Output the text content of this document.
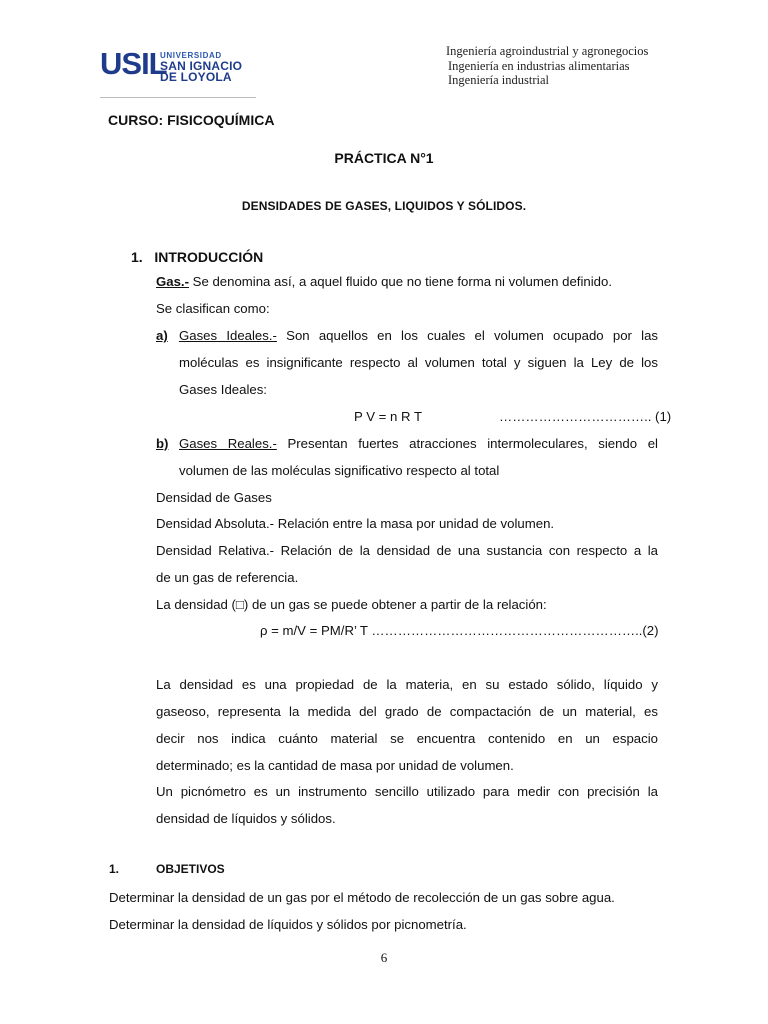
USIL
UNIVERSIDAD
SAN IGNACIO
DE LOYOLA
Ingeniería agroindustrial y agronegocios
Ingeniería en industrias alimentarias
Ingeniería industrial
CURSO: FISICOQUÍMICA
PRÁCTICA N°1
DENSIDADES DE GASES, LIQUIDOS Y SÓLIDOS.
1. INTRODUCCIÓN
Gas.- Se denomina así, a aquel fluido que no tiene forma ni volumen definido.
Se clasifican como:
a) Gases Ideales.- Son aquellos en los cuales el volumen ocupado por las
moléculas es insignificante respecto al volumen total y siguen la Ley de los
Gases Ideales:
P V = n R T	…………………………….. (1)
b) Gases Reales.- Presentan fuertes atracciones intermoleculares, siendo el
volumen de las moléculas significativo respecto al total
Densidad de Gases
Densidad Absoluta.- Relación entre la masa por unidad de volumen.
Densidad Relativa.- Relación de la densidad de una sustancia con respecto a la
de un gas de referencia.
La densidad (□) de un gas se puede obtener a partir de la relación:
ρ = m/V = PM/R’ T ……………………………………………………..(2)
La densidad es una propiedad de la materia, en su estado sólido, líquido y
gaseoso, representa la medida del grado de compactación de un material, es
decir nos indica cuánto material se encuentra contenido en un espacio
determinado; es la cantidad de masa por unidad de volumen.
Un picnómetro es un instrumento sencillo utilizado para medir con precisión la
densidad de líquidos y sólidos.
1.	OBJETIVOS
Determinar la densidad de un gas por el método de recolección de un gas sobre agua.
Determinar la densidad de líquidos y sólidos por picnometría.
6
